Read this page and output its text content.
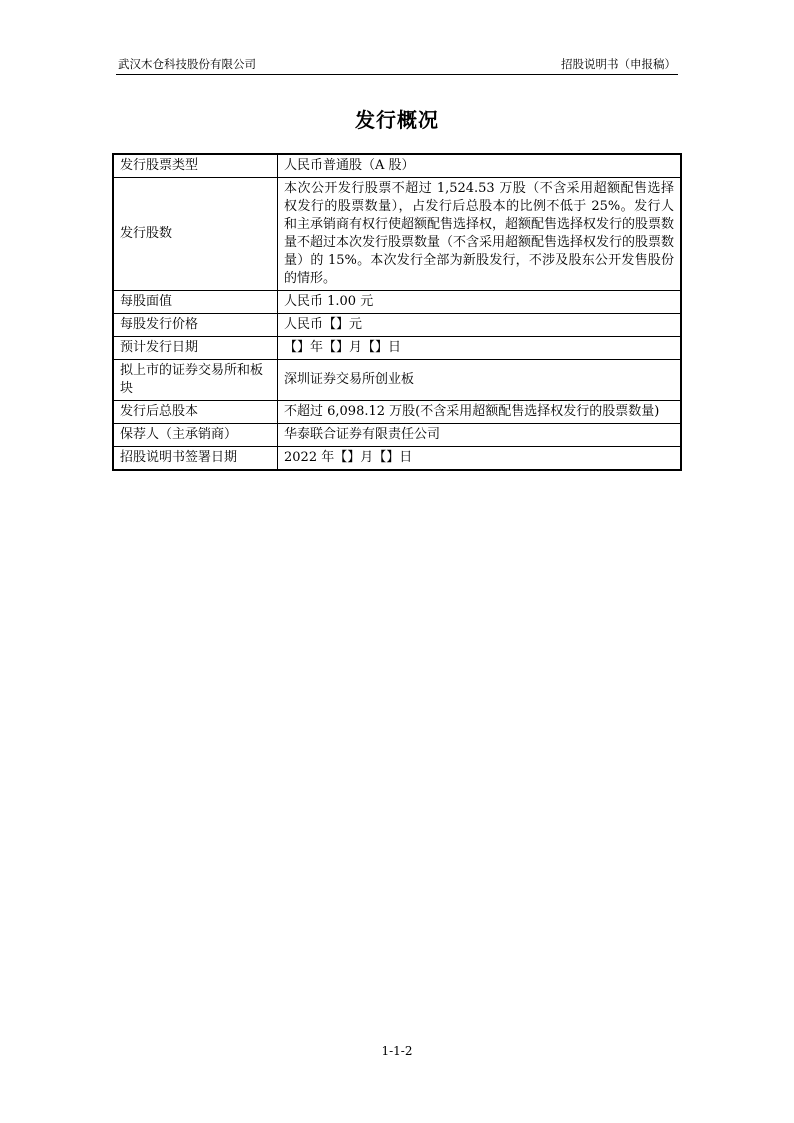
武汉木仓科技股份有限公司	招股说明书（申报稿）
发行概况
发行股票类型	人民币普通股（A 股）
发行股数	本次公开发行股票不超过 1,524.53 万股（不含采用超额配售选择权发行的股票数量），占发行后总股本的比例不低于 25%。发行人和主承销商有权行使超额配售选择权，超额配售选择权发行的股票数量不超过本次发行股票数量（不含采用超额配售选择权发行的股票数量）的 15%。本次发行全部为新股发行，不涉及股东公开发售股份的情形。
每股面值	人民币 1.00 元
每股发行价格	人民币【】元
预计发行日期	【】年【】月【】日
拟上市的证券交易所和板块	深圳证券交易所创业板
发行后总股本	不超过 6,098.12 万股(不含采用超额配售选择权发行的股票数量)
保荐人（主承销商）	华泰联合证券有限责任公司
招股说明书签署日期	2022 年【】月【】日
1-1-2
